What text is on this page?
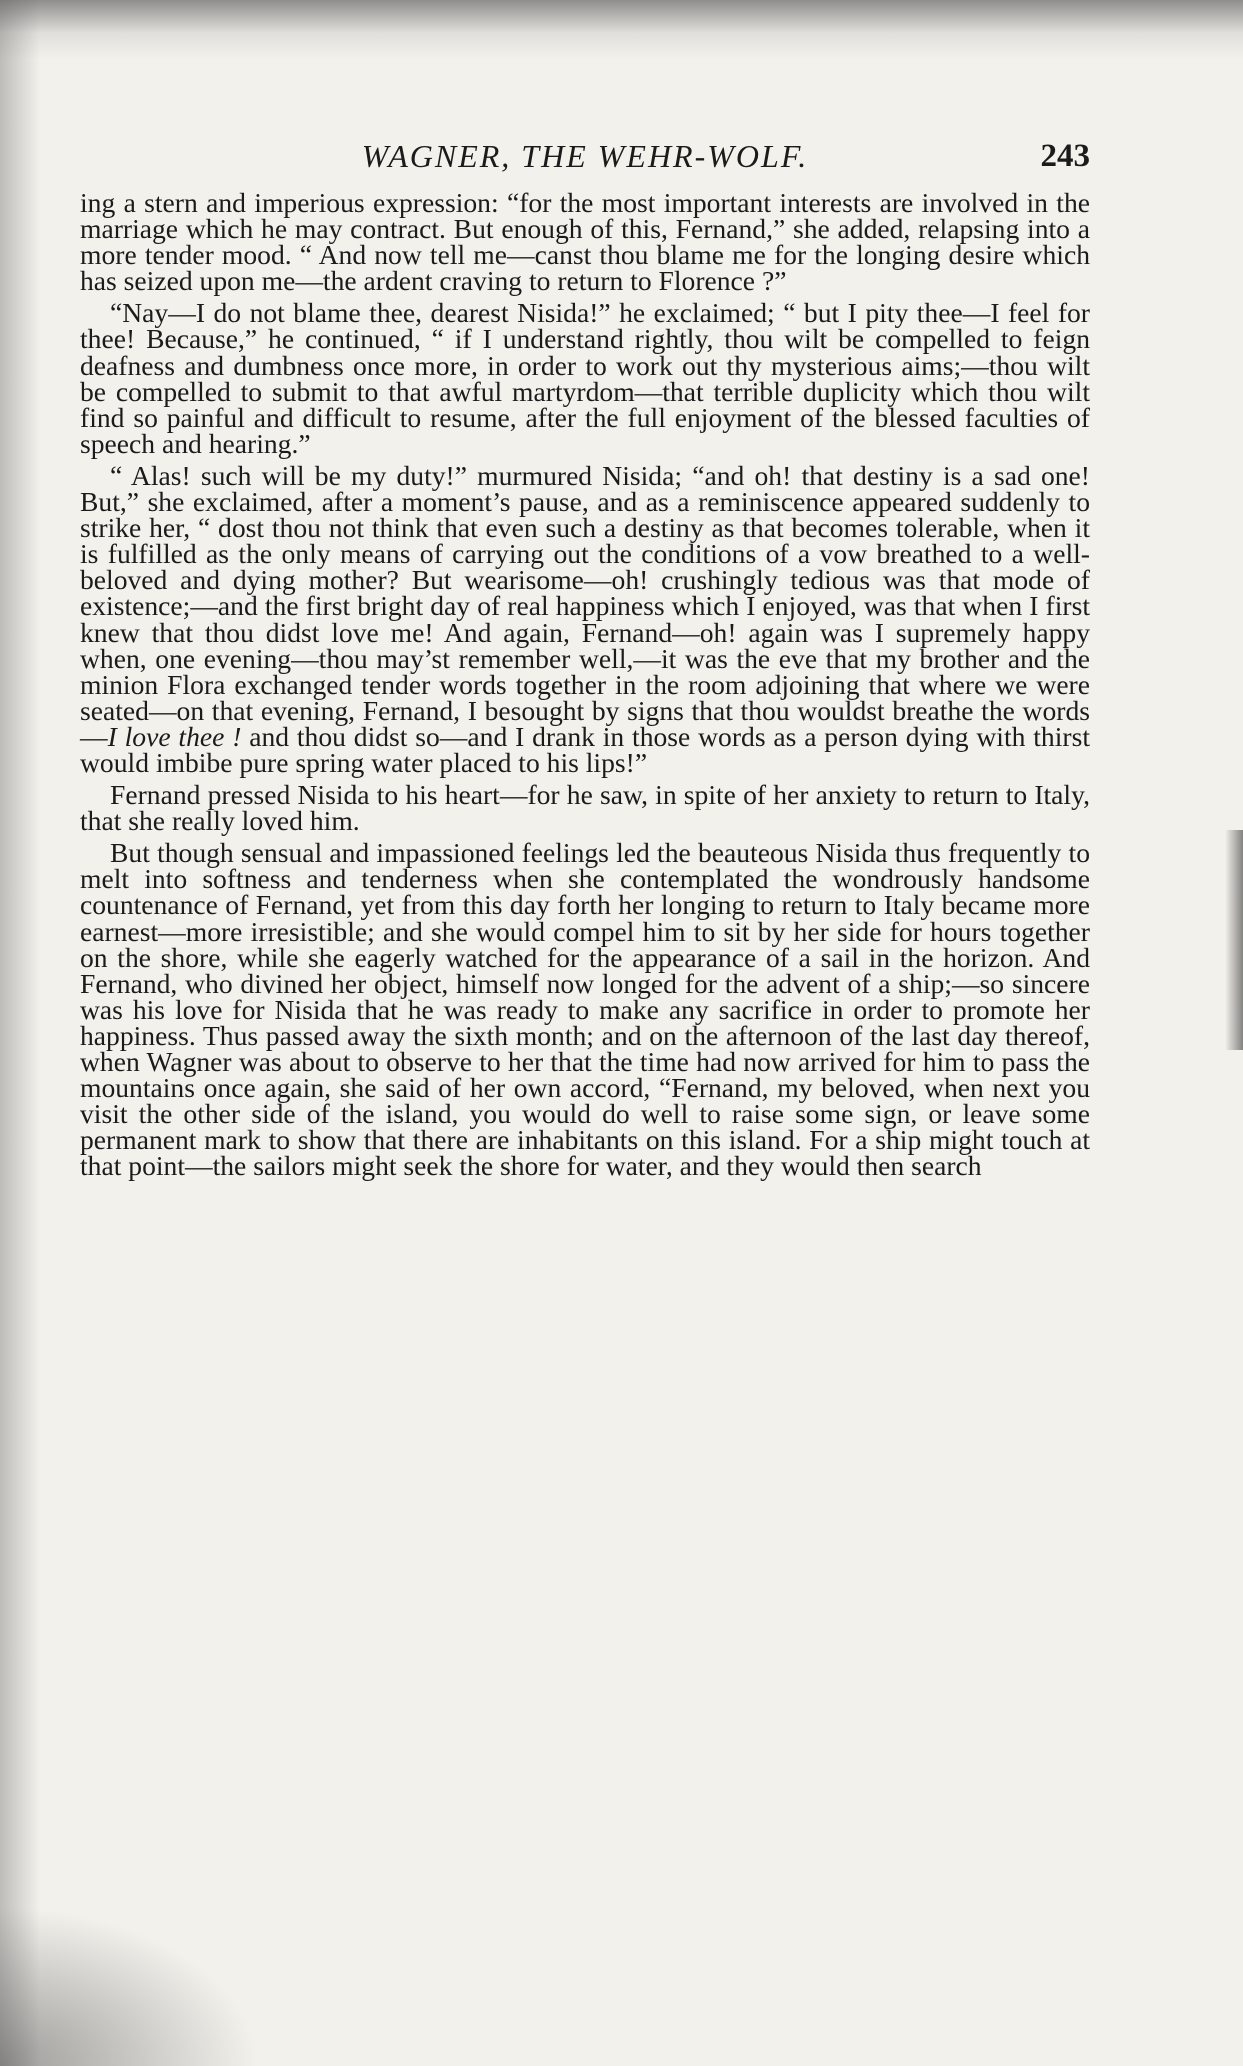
WAGNER, THE WEHR-WOLF.	243

ing a stern and imperious expression: “for the most important interests are involved in the marriage which he may contract. But enough of this, Fernand,” she added, relapsing into a more tender mood. “ And now tell me—canst thou blame me for the longing desire which has seized upon me—the ardent craving to return to Florence ?”

“Nay—I do not blame thee, dearest Nisida!” he exclaimed; “ but I pity thee—I feel for thee! Because,” he continued, “ if I understand rightly, thou wilt be compelled to feign deafness and dumbness once more, in order to work out thy mysterious aims;—thou wilt be compelled to submit to that awful martyrdom—that terrible duplicity which thou wilt find so painful and difficult to resume, after the full enjoyment of the blessed faculties of speech and hearing.”

“ Alas! such will be my duty!” murmured Nisida; “and oh! that destiny is a sad one! But,” she exclaimed, after a moment’s pause, and as a reminiscence appeared suddenly to strike her, “ dost thou not think that even such a destiny as that becomes tolerable, when it is fulfilled as the only means of carrying out the conditions of a vow breathed to a well-beloved and dying mother? But wearisome—oh! crushingly tedious was that mode of existence;—and the first bright day of real happiness which I enjoyed, was that when I first knew that thou didst love me! And again, Fernand—oh! again was I supremely happy when, one evening—thou may’st remember well,—it was the eve that my brother and the minion Flora exchanged tender words together in the room adjoining that where we were seated—on that evening, Fernand, I besought by signs that thou wouldst breathe the words—I love thee ! and thou didst so—and I drank in those words as a person dying with thirst would imbibe pure spring water placed to his lips!”

Fernand pressed Nisida to his heart—for he saw, in spite of her anxiety to return to Italy, that she really loved him.

But though sensual and impassioned feelings led the beauteous Nisida thus frequently to melt into softness and tenderness when she contemplated the wondrously handsome countenance of Fernand, yet from this day forth her longing to return to Italy became more earnest—more irresistible; and she would compel him to sit by her side for hours together on the shore, while she eagerly watched for the appearance of a sail in the horizon. And Fernand, who divined her object, himself now longed for the advent of a ship;—so sincere was his love for Nisida that he was ready to make any sacrifice in order to promote her happiness. Thus passed away the sixth month; and on the afternoon of the last day thereof, when Wagner was about to observe to her that the time had now arrived for him to pass the mountains once again, she said of her own accord, “Fernand, my beloved, when next you visit the other side of the island, you would do well to raise some sign, or leave some permanent mark to show that there are inhabitants on this island. For a ship might touch at that point—the sailors might seek the shore for water, and they would then search
